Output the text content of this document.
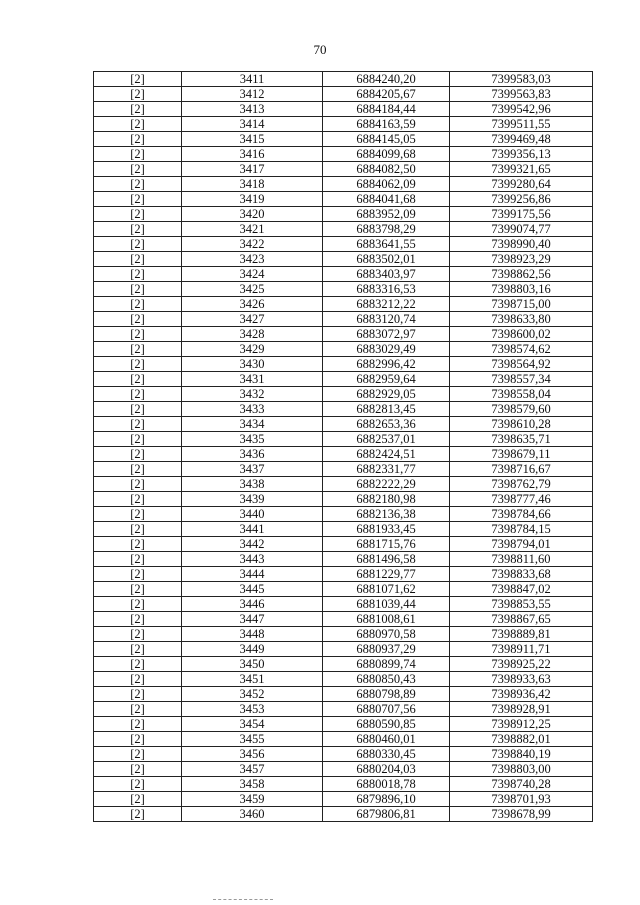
70
[2]	3411	6884240,20	7399583,03
[2]	3412	6884205,67	7399563,83
[2]	3413	6884184,44	7399542,96
[2]	3414	6884163,59	7399511,55
[2]	3415	6884145,05	7399469,48
[2]	3416	6884099,68	7399356,13
[2]	3417	6884082,50	7399321,65
[2]	3418	6884062,09	7399280,64
[2]	3419	6884041,68	7399256,86
[2]	3420	6883952,09	7399175,56
[2]	3421	6883798,29	7399074,77
[2]	3422	6883641,55	7398990,40
[2]	3423	6883502,01	7398923,29
[2]	3424	6883403,97	7398862,56
[2]	3425	6883316,53	7398803,16
[2]	3426	6883212,22	7398715,00
[2]	3427	6883120,74	7398633,80
[2]	3428	6883072,97	7398600,02
[2]	3429	6883029,49	7398574,62
[2]	3430	6882996,42	7398564,92
[2]	3431	6882959,64	7398557,34
[2]	3432	6882929,05	7398558,04
[2]	3433	6882813,45	7398579,60
[2]	3434	6882653,36	7398610,28
[2]	3435	6882537,01	7398635,71
[2]	3436	6882424,51	7398679,11
[2]	3437	6882331,77	7398716,67
[2]	3438	6882222,29	7398762,79
[2]	3439	6882180,98	7398777,46
[2]	3440	6882136,38	7398784,66
[2]	3441	6881933,45	7398784,15
[2]	3442	6881715,76	7398794,01
[2]	3443	6881496,58	7398811,60
[2]	3444	6881229,77	7398833,68
[2]	3445	6881071,62	7398847,02
[2]	3446	6881039,44	7398853,55
[2]	3447	6881008,61	7398867,65
[2]	3448	6880970,58	7398889,81
[2]	3449	6880937,29	7398911,71
[2]	3450	6880899,74	7398925,22
[2]	3451	6880850,43	7398933,63
[2]	3452	6880798,89	7398936,42
[2]	3453	6880707,56	7398928,91
[2]	3454	6880590,85	7398912,25
[2]	3455	6880460,01	7398882,01
[2]	3456	6880330,45	7398840,19
[2]	3457	6880204,03	7398803,00
[2]	3458	6880018,78	7398740,28
[2]	3459	6879896,10	7398701,93
[2]	3460	6879806,81	7398678,99
